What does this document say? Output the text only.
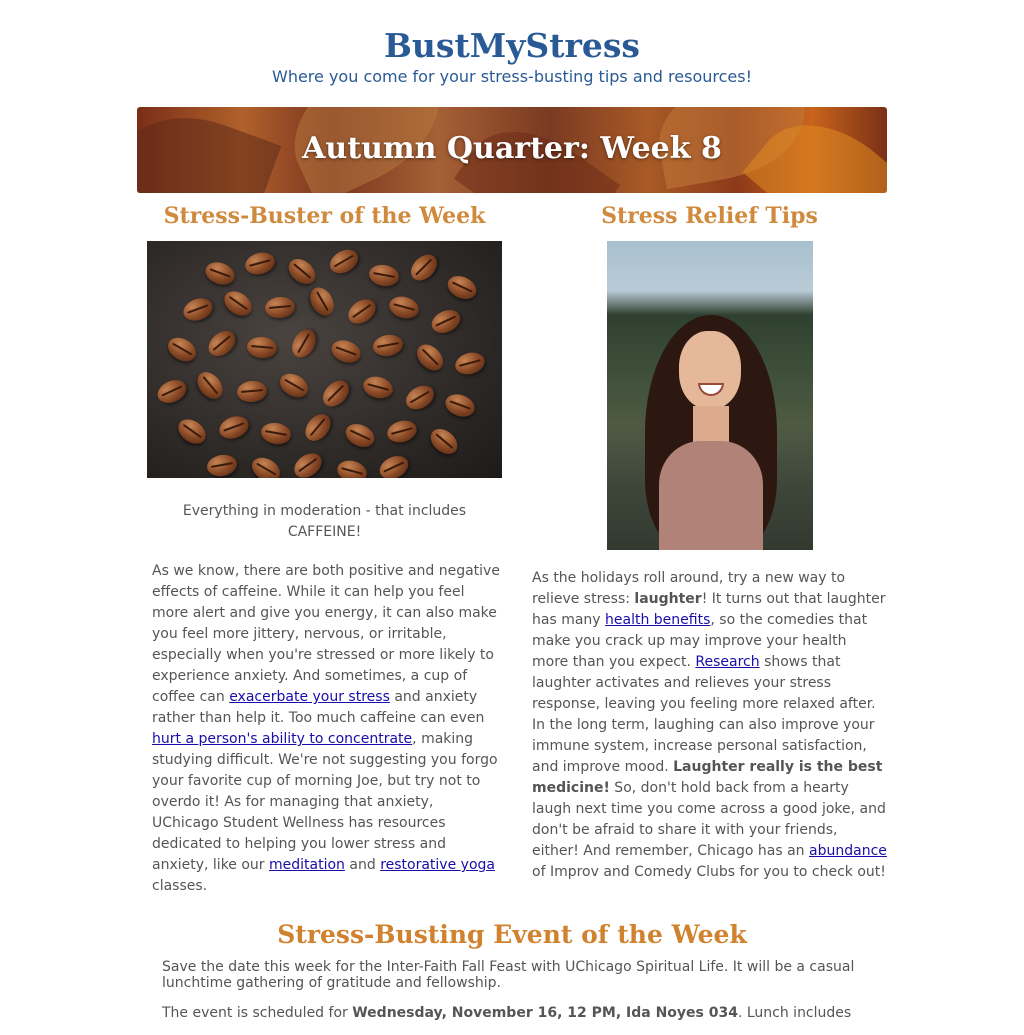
BustMyStress
Where you come for your stress-busting tips and resources!
Autumn Quarter: Week 8
Stress-Buster of the Week
Everything in moderation - that includes CAFFEINE!
As we know, there are both positive and negative effects of caffeine. While it can help you feel more alert and give you energy, it can also make you feel more jittery, nervous, or irritable, especially when you're stressed or more likely to experience anxiety. And sometimes, a cup of coffee can exacerbate your stress and anxiety rather than help it. Too much caffeine can even hurt a person's ability to concentrate, making studying difficult. We're not suggesting you forgo your favorite cup of morning Joe, but try not to overdo it! As for managing that anxiety, UChicago Student Wellness has resources dedicated to helping you lower stress and anxiety, like our meditation and restorative yoga classes.
Stress Relief Tips
As the holidays roll around, try a new way to relieve stress: laughter! It turns out that laughter has many health benefits, so the comedies that make you crack up may improve your health more than you expect. Research shows that laughter activates and relieves your stress response, leaving you feeling more relaxed after. In the long term, laughing can also improve your immune system, increase personal satisfaction, and improve mood. Laughter really is the best medicine! So, don't hold back from a hearty laugh next time you come across a good joke, and don't be afraid to share it with your friends, either! And remember, Chicago has an abundance of Improv and Comedy Clubs for you to check out!
Stress-Busting Event of the Week

Save the date this week for the Inter-Faith Fall Feast with UChicago Spiritual Life. It will be a casual lunchtime gathering of gratitude and fellowship.

The event is scheduled for Wednesday, November 16, 12 PM, Ida Noyes 034. Lunch includes
